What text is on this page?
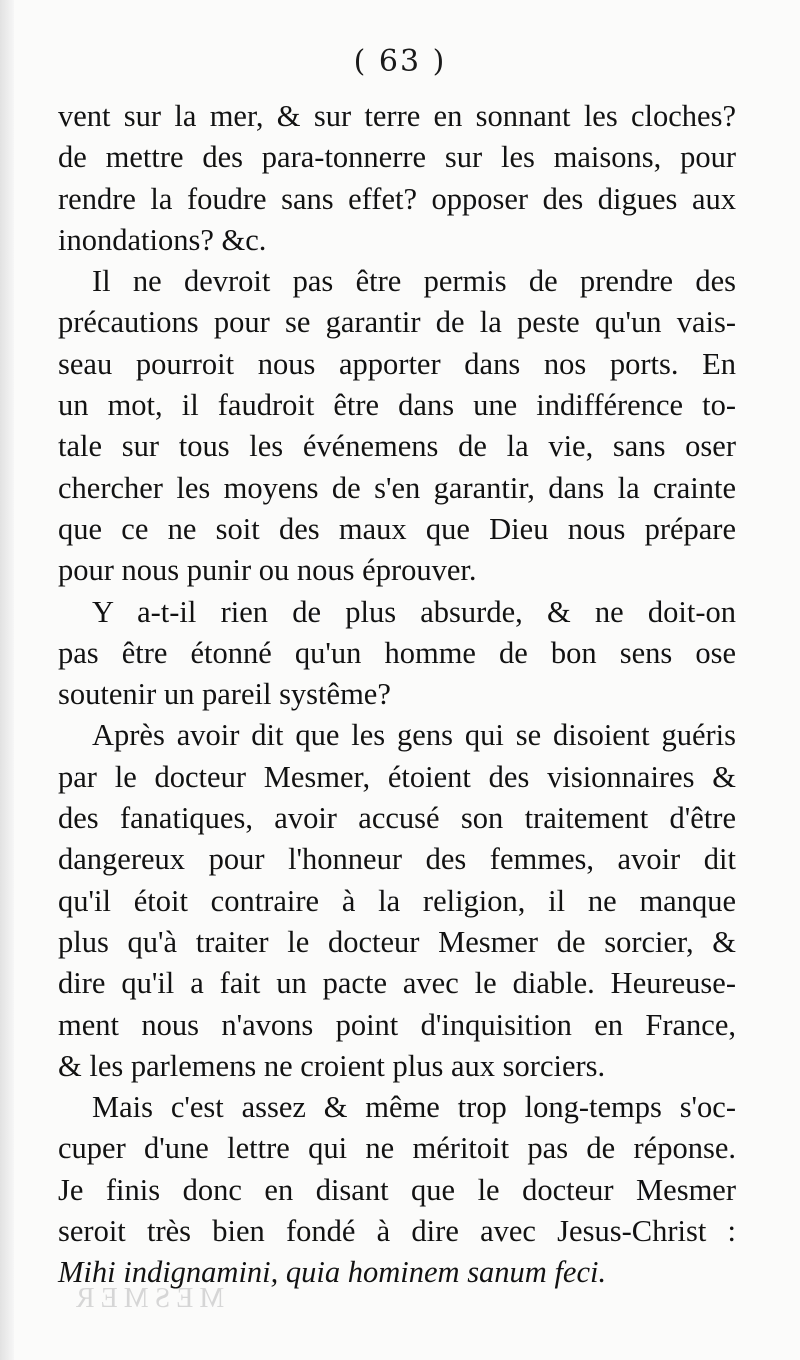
( 63 )
vent sur la mer, & sur terre en sonnant les cloches?
de mettre des para-tonnerre sur les maisons, pour
rendre la foudre sans effet? opposer des digues aux
inondations? &c.
Il ne devroit pas être permis de prendre des
précautions pour se garantir de la peste qu'un vais-
seau pourroit nous apporter dans nos ports. En
un mot, il faudroit être dans une indifférence to-
tale sur tous les événemens de la vie, sans oser
chercher les moyens de s'en garantir, dans la crainte
que ce ne soit des maux que Dieu nous prépare
pour nous punir ou nous éprouver.
Y a-t-il rien de plus absurde, & ne doit-on
pas être étonné qu'un homme de bon sens ose
soutenir un pareil systême?
Après avoir dit que les gens qui se disoient guéris
par le docteur Mesmer, étoient des visionnaires &
des fanatiques, avoir accusé son traitement d'être
dangereux pour l'honneur des femmes, avoir dit
qu'il étoit contraire à la religion, il ne manque
plus qu'à traiter le docteur Mesmer de sorcier, &
dire qu'il a fait un pacte avec le diable. Heureuse-
ment nous n'avons point d'inquisition en France,
& les parlemens ne croient plus aux sorciers.
Mais c'est assez & même trop long-temps s'oc-
cuper d'une lettre qui ne méritoit pas de réponse.
Je finis donc en disant que le docteur Mesmer
seroit très bien fondé à dire avec Jesus-Christ :
Mihi indignamini, quia hominem sanum feci.
MESMER
